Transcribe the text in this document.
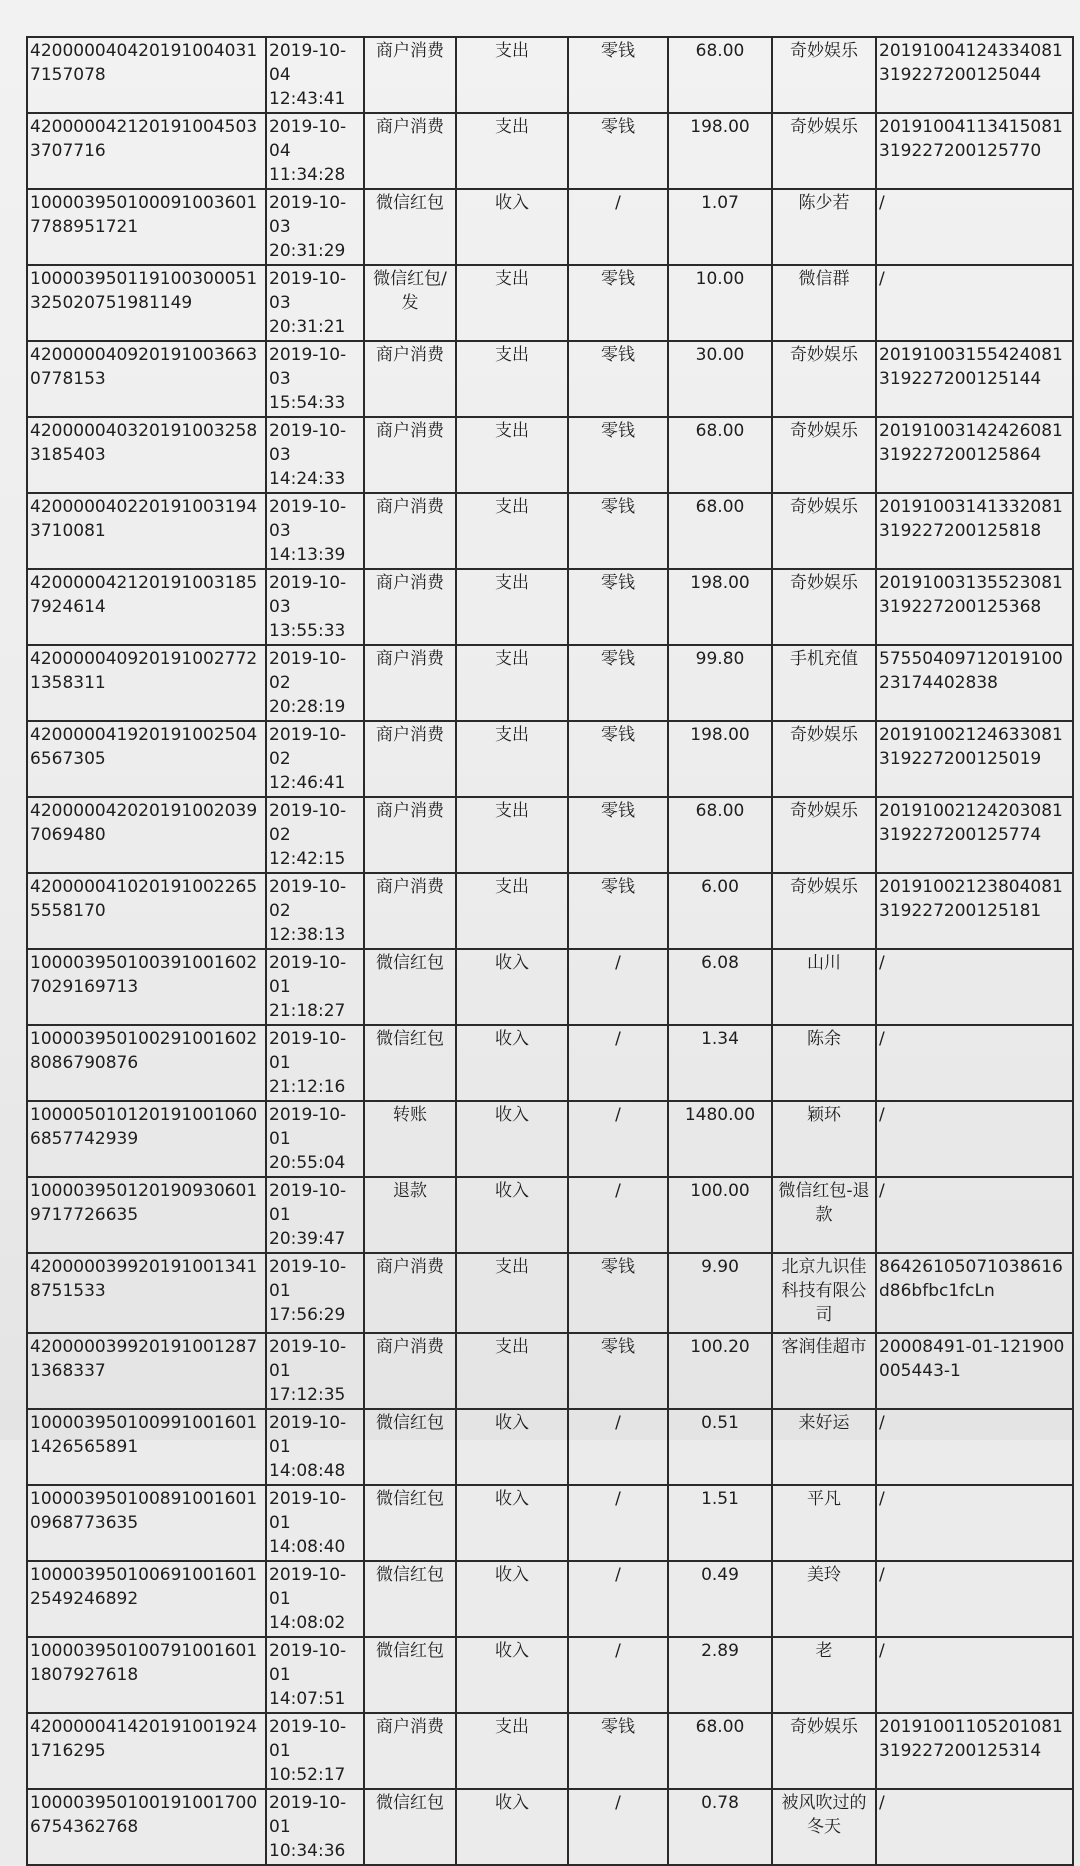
4200000404201910040317157078	2019-10-04 12:43:41	商户消费	支出	零钱	68.00	奇妙娱乐	20191004124334081319227200125044
4200000421201910045033707716	2019-10-04 11:34:28	商户消费	支出	零钱	198.00	奇妙娱乐	20191004113415081319227200125770
1000039501000910036017788951721	2019-10-03 20:31:29	微信红包	收入	/	1.07	陈少若	/
100003950119100300051325020751981149	2019-10-03 20:31:21	微信红包/发	支出	零钱	10.00	微信群	/
4200000409201910036630778153	2019-10-03 15:54:33	商户消费	支出	零钱	30.00	奇妙娱乐	20191003155424081319227200125144
4200000403201910032583185403	2019-10-03 14:24:33	商户消费	支出	零钱	68.00	奇妙娱乐	20191003142426081319227200125864
4200000402201910031943710081	2019-10-03 14:13:39	商户消费	支出	零钱	68.00	奇妙娱乐	20191003141332081319227200125818
4200000421201910031857924614	2019-10-03 13:55:33	商户消费	支出	零钱	198.00	奇妙娱乐	20191003135523081319227200125368
4200000409201910027721358311	2019-10-02 20:28:19	商户消费	支出	零钱	99.80	手机充值	5755040971201910023174402838
4200000419201910025046567305	2019-10-02 12:46:41	商户消费	支出	零钱	198.00	奇妙娱乐	20191002124633081319227200125019
4200000420201910020397069480	2019-10-02 12:42:15	商户消费	支出	零钱	68.00	奇妙娱乐	20191002124203081319227200125774
4200000410201910022655558170	2019-10-02 12:38:13	商户消费	支出	零钱	6.00	奇妙娱乐	20191002123804081319227200125181
1000039501003910016027029169713	2019-10-01 21:18:27	微信红包	收入	/	6.08	山川	/
1000039501002910016028086790876	2019-10-01 21:12:16	微信红包	收入	/	1.34	陈余	/
1000050101201910010606857742939	2019-10-01 20:55:04	转账	收入	/	1480.00	颖环	/
1000039501201909306019717726635	2019-10-01 20:39:47	退款	收入	/	100.00	微信红包-退款	/
4200000399201910013418751533	2019-10-01 17:56:29	商户消费	支出	零钱	9.90	北京九识佳科技有限公司	86426105071038616d86bfbc1fcLn
4200000399201910012871368337	2019-10-01 17:12:35	商户消费	支出	零钱	100.20	客润佳超市	20008491-01-121900005443-1
1000039501009910016011426565891	2019-10-01 14:08:48	微信红包	收入	/	0.51	来好运	/
1000039501008910016010968773635	2019-10-01 14:08:40	微信红包	收入	/	1.51	平凡	/
1000039501006910016012549246892	2019-10-01 14:08:02	微信红包	收入	/	0.49	美玲	/
1000039501007910016011807927618	2019-10-01 14:07:51	微信红包	收入	/	2.89	老	/
4200000414201910019241716295	2019-10-01 10:52:17	商户消费	支出	零钱	68.00	奇妙娱乐	20191001105201081319227200125314
1000039501001910017006754362768	2019-10-01 10:34:36	微信红包	收入	/	0.78	被风吹过的冬天	/
